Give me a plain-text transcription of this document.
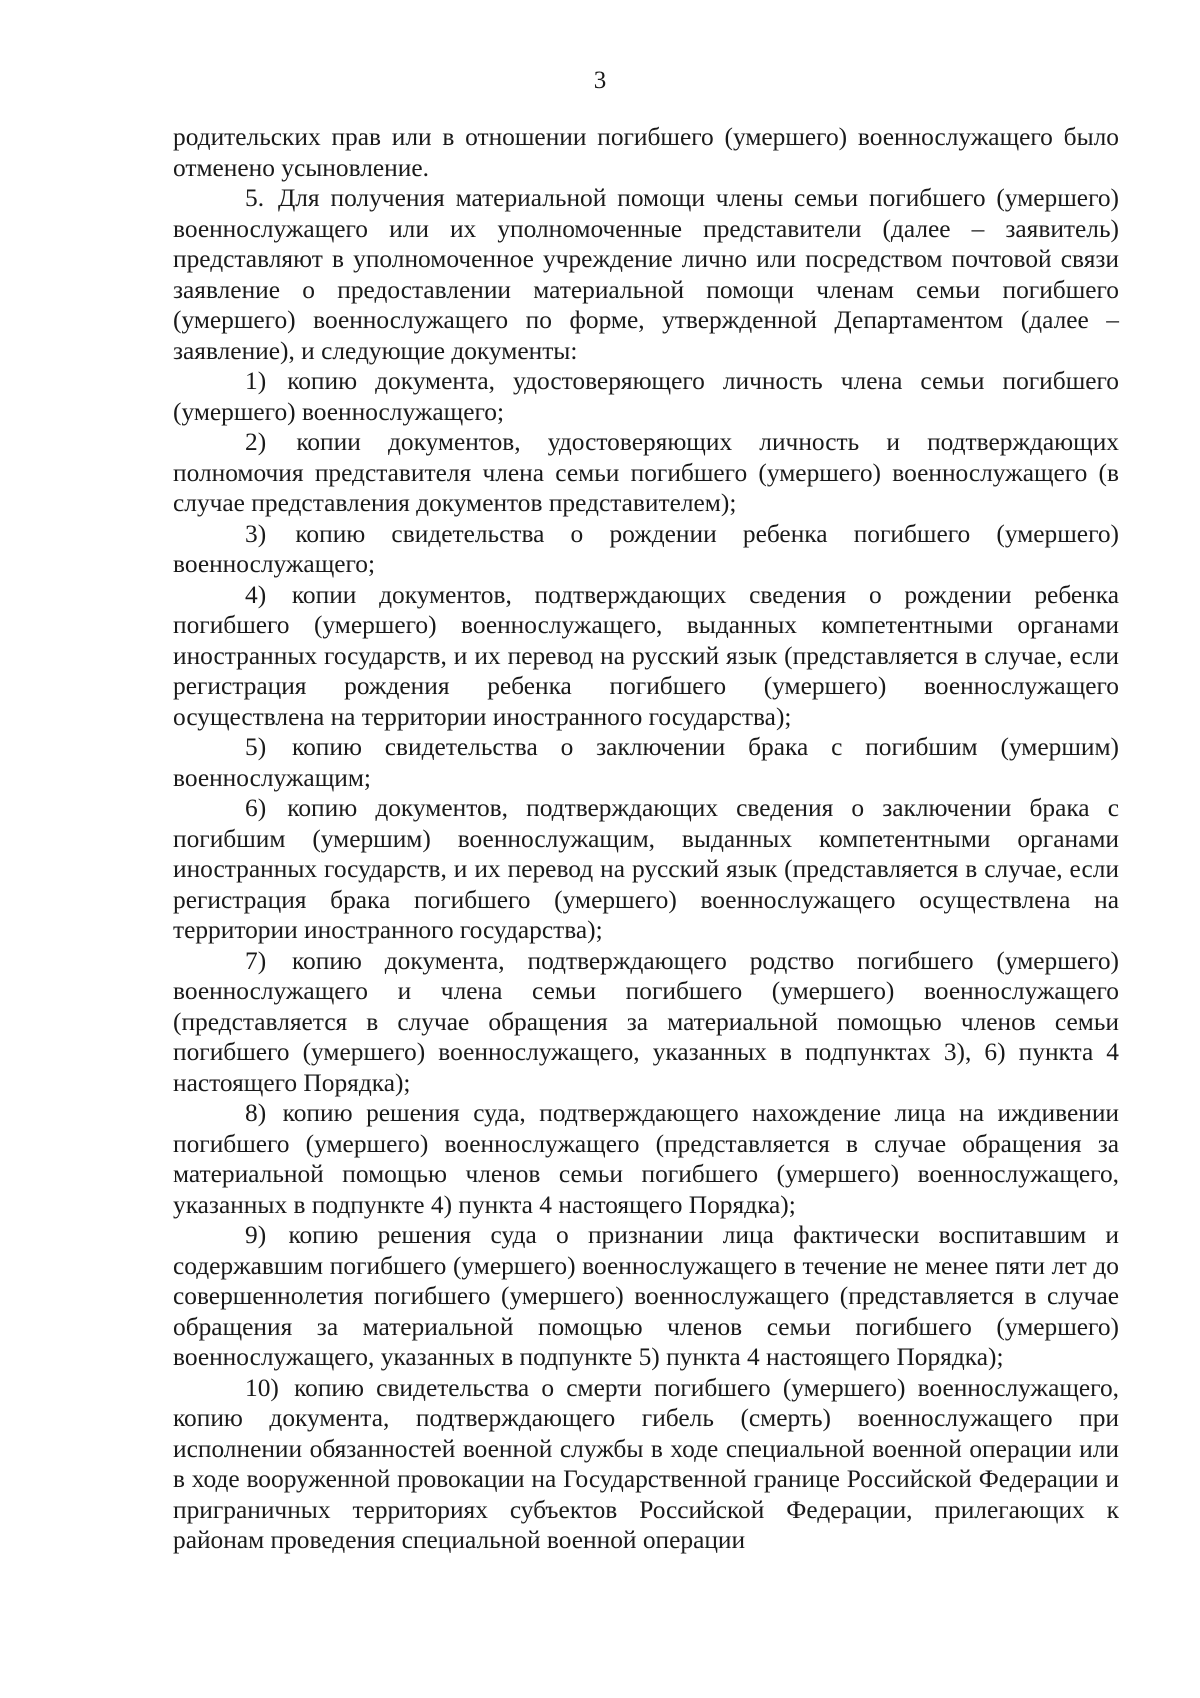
3

родительских прав или в отношении погибшего (умершего) военнослужащего было отменено усыновление.

5. Для получения материальной помощи члены семьи погибшего (умершего) военнослужащего или их уполномоченные представители (далее – заявитель) представляют в уполномоченное учреждение лично или посредством почтовой связи заявление о предоставлении материальной помощи членам семьи погибшего (умершего) военнослужащего по форме, утвержденной Департаментом (далее – заявление), и следующие документы:

1) копию документа, удостоверяющего личность члена семьи погибшего (умершего) военнослужащего;

2) копии документов, удостоверяющих личность и подтверждающих полномочия представителя члена семьи погибшего (умершего) военнослужащего (в случае представления документов представителем);

3) копию свидетельства о рождении ребенка погибшего (умершего) военнослужащего;

4) копии документов, подтверждающих сведения о рождении ребенка погибшего (умершего) военнослужащего, выданных компетентными органами иностранных государств, и их перевод на русский язык (представляется в случае, если регистрация рождения ребенка погибшего (умершего) военнослужащего осуществлена на территории иностранного государства);

5) копию свидетельства о заключении брака с погибшим (умершим) военнослужащим;

6) копию документов, подтверждающих сведения о заключении брака с погибшим (умершим) военнослужащим, выданных компетентными органами иностранных государств, и их перевод на русский язык (представляется в случае, если регистрация брака погибшего (умершего) военнослужащего осуществлена на территории иностранного государства);

7) копию документа, подтверждающего родство погибшего (умершего) военнослужащего и члена семьи погибшего (умершего) военнослужащего (представляется в случае обращения за материальной помощью членов семьи погибшего (умершего) военнослужащего, указанных в подпунктах 3), 6) пункта 4 настоящего Порядка);

8) копию решения суда, подтверждающего нахождение лица на иждивении погибшего (умершего) военнослужащего (представляется в случае обращения за материальной помощью членов семьи погибшего (умершего) военнослужащего, указанных в подпункте 4) пункта 4 настоящего Порядка);

9) копию решения суда о признании лица фактически воспитавшим и содержавшим погибшего (умершего) военнослужащего в течение не менее пяти лет до совершеннолетия погибшего (умершего) военнослужащего (представляется в случае обращения за материальной помощью членов семьи погибшего (умершего) военнослужащего, указанных в подпункте 5) пункта 4 настоящего Порядка);

10) копию свидетельства о смерти погибшего (умершего) военнослужащего, копию документа, подтверждающего гибель (смерть) военнослужащего при исполнении обязанностей военной службы в ходе специальной военной операции или в ходе вооруженной провокации на Государственной границе Российской Федерации и приграничных территориях субъектов Российской Федерации, прилегающих к районам проведения специальной военной операции
